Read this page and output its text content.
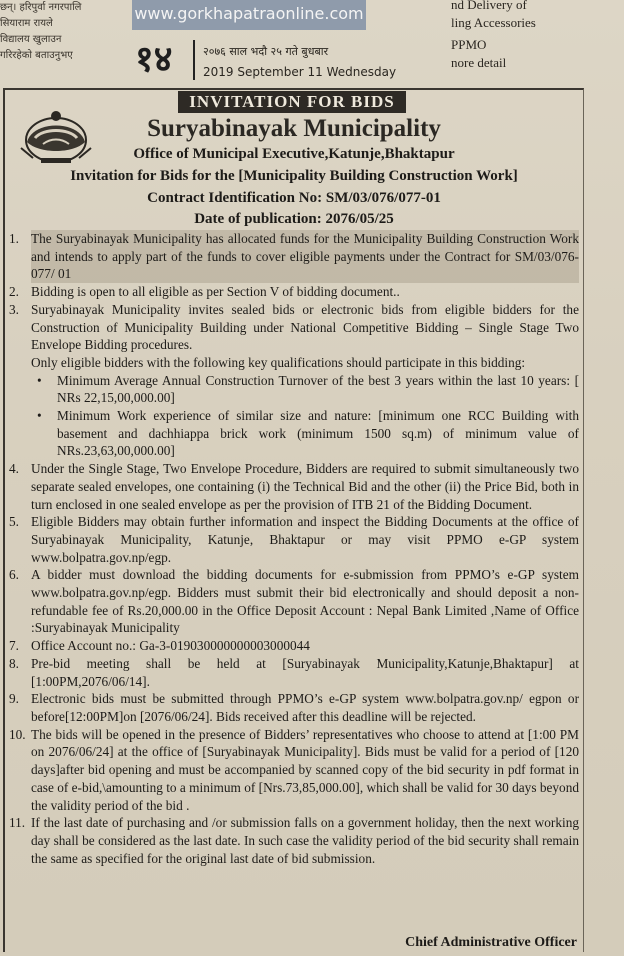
छन्। हरिपुर्वा नगरपालि
सियाराम रायले
विद्यालय खुलाउन
गरिरहेको बताउनुभए
www.gorkhapatraonline.com
१४	२०७६ साल भदौ २५ गते बुधबार
2019 September 11 Wednesday
nd Delivery of
ling Accessories
PPMO
nore detail
INVITATION FOR BIDS
Suryabinayak Municipality
Office of Municipal Executive,Katunje,Bhaktapur
Invitation for Bids for the [Municipality Building Construction Work]
Contract Identification No: SM/03/076/077-01
Date of publication: 2076/05/25
1. The Suryabinayak Municipality has allocated funds for the Municipality Building Construction Work and intends to apply part of the funds to cover eligible payments under the Contract for SM/03/076-077/ 01
2. Bidding is open to all eligible as per Section V of bidding document..
3. Suryabinayak Municipality invites sealed bids or electronic bids from eligible bidders for the Construction of Municipality Building under National Competitive Bidding – Single Stage Two Envelope Bidding procedures.
Only eligible bidders with the following key qualifications should participate in this bidding:
• Minimum Average Annual Construction Turnover of the best 3 years within the last 10 years: [ NRs 22,15,00,000.00]
• Minimum Work experience of similar size and nature: [minimum one RCC Building with basement and dachhiappa brick work (minimum 1500 sq.m) of minimum value of NRs.23,63,00,000.00]
4. Under the Single Stage, Two Envelope Procedure, Bidders are required to submit simultaneously two separate sealed envelopes, one containing (i) the Technical Bid and the other (ii) the Price Bid, both in turn enclosed in one sealed envelope as per the provision of ITB 21 of the Bidding Document.
5. Eligible Bidders may obtain further information and inspect the Bidding Documents at the office of Suryabinayak Municipality, Katunje, Bhaktapur or may visit PPMO e-GP system www.bolpatra.gov.np/egp.
6. A bidder must download the bidding documents for e-submission from PPMO’s e-GP system www.bolpatra.gov.np/egp. Bidders must submit their bid electronically and should deposit a non-refundable fee of Rs.20,000.00 in the Office Deposit Account : Nepal Bank Limited ,Name of Office :Suryabinayak Municipality
7. Office Account no.: Ga-3-019030000000003000044
8. Pre-bid meeting shall be held at [Suryabinayak Municipality,Katunje,Bhaktapur] at [1:00PM,2076/06/14].
9. Electronic bids must be submitted through PPMO’s e-GP system www.bolpatra.gov.np/ egpon or before[12:00PM]on [2076/06/24]. Bids received after this deadline will be rejected.
10. The bids will be opened in the presence of Bidders’ representatives who choose to attend at [1:00 PM on 2076/06/24] at the office of [Suryabinayak Municipality]. Bids must be valid for a period of [120 days]after bid opening and must be accompanied by scanned copy of the bid security in pdf format in case of e-bid,\amounting to a minimum of [Nrs.73,85,000.00], which shall be valid for 30 days beyond the validity period of the bid .
11. If the last date of purchasing and /or submission falls on a government holiday, then the next working day shall be considered as the last date. In such case the validity period of the bid security shall remain the same as specified for the original last date of bid submission.
Chief Administrative Officer
